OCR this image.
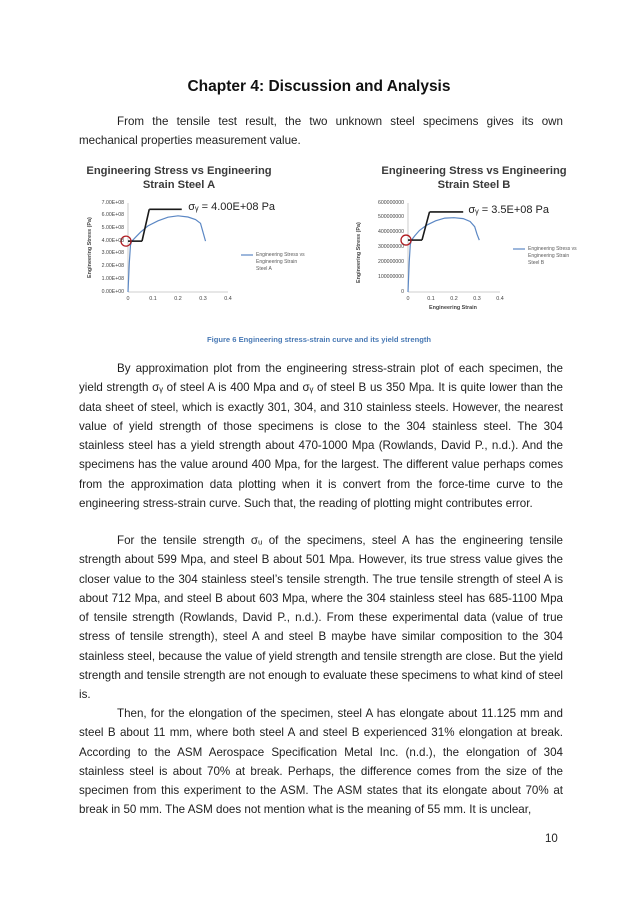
Chapter 4: Discussion and Analysis

From the tensile test result, the two unknown steel specimens gives its own mechanical properties measurement value.

Engineering Stress vs Engineering
Strain Steel A
0.00E+00
1.00E+08
2.00E+08
3.00E+08
4.00E+08
5.00E+08
6.00E+08
7.00E+08
0	0.1	0.2	0.3	0.4
Engineering Stress (Pa)
σᵧ = 4.00E+08 Pa
Engineering Stress vs
Engineering Strain
Steel A
Engineering Stress vs Engineering
Strain Steel B
0
100000000
200000000
300000000
400000000
500000000
600000000
0	0.1	0.2	0.3	0.4
Engineering Stress (Pa)
Engineering Strain
σᵧ = 3.5E+08 Pa
Engineering Stress vs
Engineering Strain
Steel B
Figure 6 Engineering stress-strain curve and its yield strength

By approximation plot from the engineering stress-strain plot of each specimen, the yield strength σᵧ of steel A is 400 Mpa and σᵧ of steel B us 350 Mpa. It is quite lower than the data sheet of steel, which is exactly 301, 304, and 310 stainless steels. However, the nearest value of yield strength of those specimens is close to the 304 stainless steel. The 304 stainless steel has a yield strength about 470-1000 Mpa (Rowlands, David P., n.d.). And the specimens has the value around 400 Mpa, for the largest. The different value perhaps comes from the approximation data plotting when it is convert from the force-time curve to the engineering stress-strain curve. Such that, the reading of plotting might contributes error.

For the tensile strength σᵤ of the specimens, steel A has the engineering tensile strength about 599 Mpa, and steel B about 501 Mpa. However, its true stress value gives the closer value to the 304 stainless steel’s tensile strength. The true tensile strength of steel A is about 712 Mpa, and steel B about 603 Mpa, where the 304 stainless steel has 685-1100 Mpa of tensile strength (Rowlands, David P., n.d.). From these experimental data (value of true stress of tensile strength), steel A and steel B maybe have similar composition to the 304 stainless steel, because the value of yield strength and tensile strength are close. But the yield strength and tensile strength are not enough to evaluate these specimens to what kind of steel is.

Then, for the elongation of the specimen, steel A has elongate about 11.125 mm and steel B about 11 mm, where both steel A and steel B experienced 31% elongation at break. According to the ASM Aerospace Specification Metal Inc. (n.d.), the elongation of 304 stainless steel is about 70% at break. Perhaps, the difference comes from the size of the specimen from this experiment to the ASM. The ASM states that its elongate about 70% at break in 50 mm. The ASM does not mention what is the meaning of 55 mm. It is unclear,

10
